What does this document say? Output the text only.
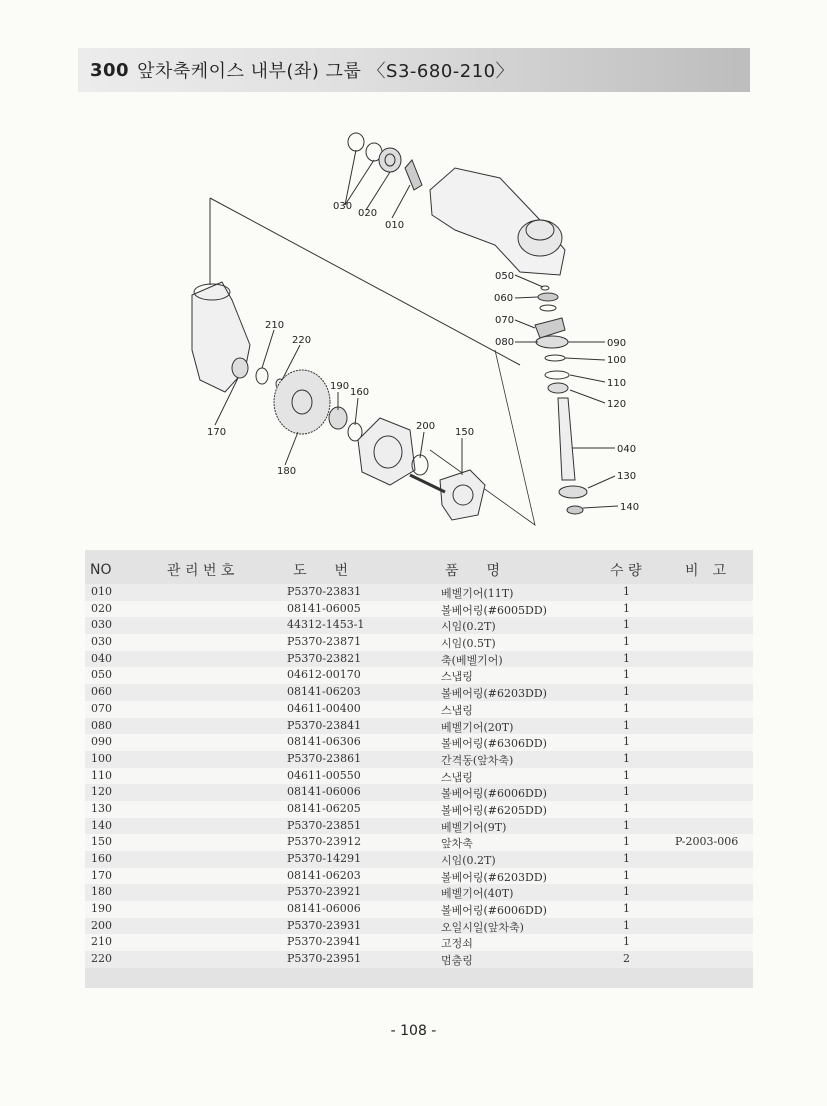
300 앞차축케이스 내부(좌) 그룹 〈S3-680-210〉
030
020
010
050
060
070
080	090
100
110
120
040
130
140
210
220
190
160
200
150
170
180
NO	관 리 번 호	도　　번	품　　명	수 량	비　고
010	P5370-23831	베벨기어(11T)	1
020	08141-06005	볼베어링(#6005DD)	1
030	44312-1453-1	시임(0.2T)	1
030	P5370-23871	시임(0.5T)	1
040	P5370-23821	축(베벨기어)	1
050	04612-00170	스냅링	1
060	08141-06203	볼베어링(#6203DD)	1
070	04611-00400	스냅링	1
080	P5370-23841	베벨기어(20T)	1
090	08141-06306	볼베어링(#6306DD)	1
100	P5370-23861	간격동(앞차축)	1
110	04611-00550	스냅링	1
120	08141-06006	볼베어링(#6006DD)	1
130	08141-06205	볼베어링(#6205DD)	1
140	P5370-23851	베벨기어(9T)	1
150	P5370-23912	앞차축	1	P-2003-006
160	P5370-14291	시임(0.2T)	1
170	08141-06203	볼베어링(#6203DD)	1
180	P5370-23921	베벨기어(40T)	1
190	08141-06006	볼베어링(#6006DD)	1
200	P5370-23931	오일시일(앞차축)	1
210	P5370-23941	고정쇠	1
220	P5370-23951	멈춤링	2
- 108 -
